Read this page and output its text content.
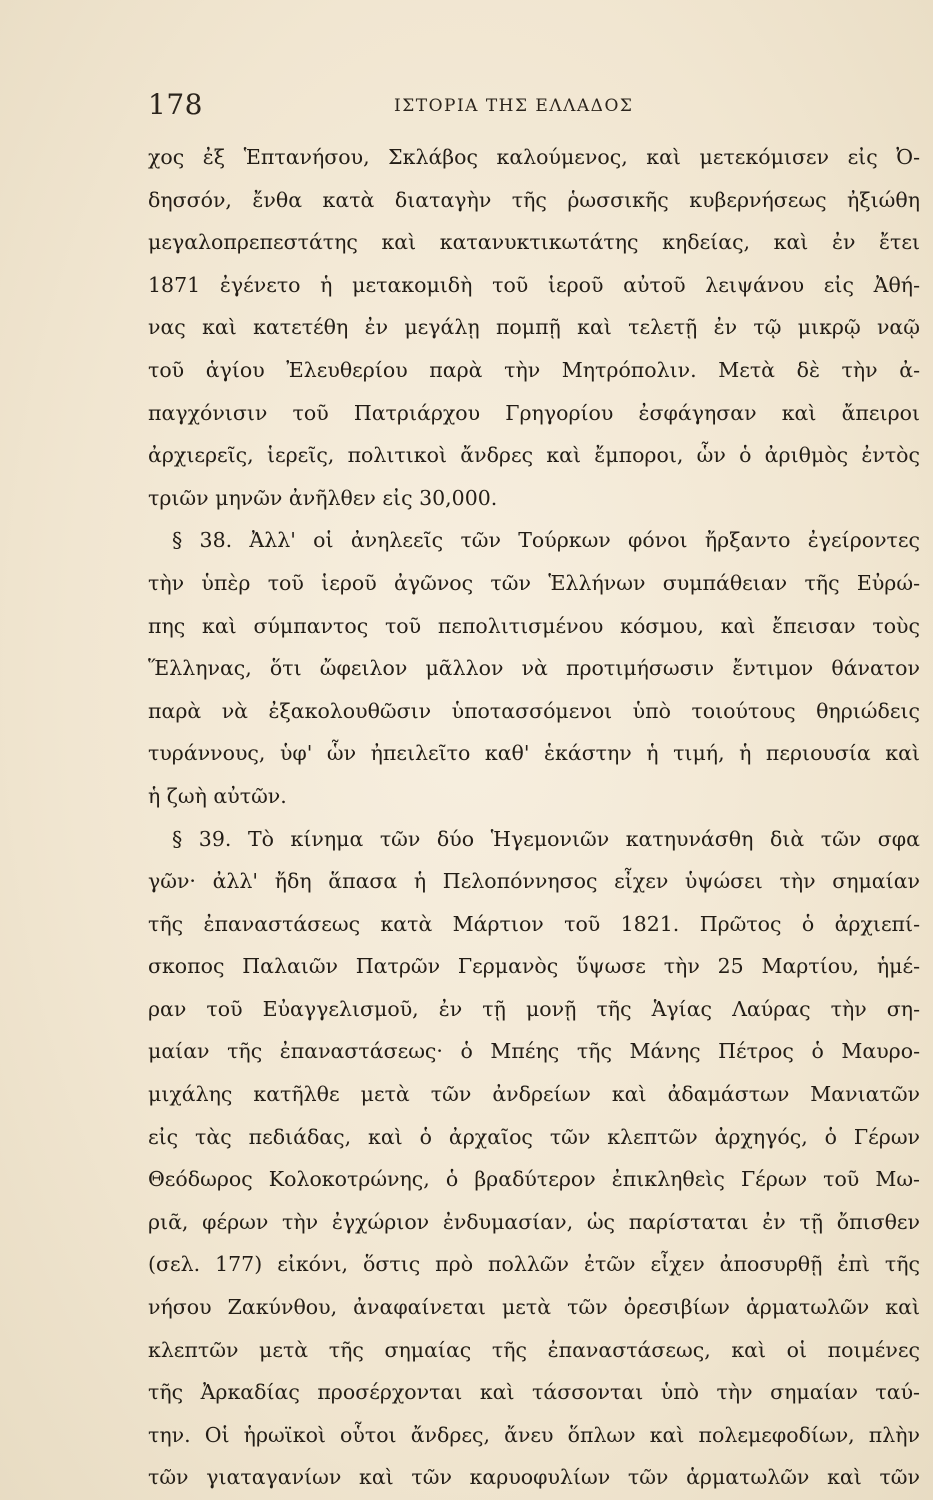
178	ΙΣΤΟΡΙΑ ΤΗΣ ΕΛΛΑΔΟΣ
χος ἐξ Ἑπτανήσου, Σκλάβος καλούμενος, καὶ μετεκόμισεν εἰς Ὀ-
δησσόν, ἔνθα κατὰ διαταγὴν τῆς ῥωσσικῆς κυβερνήσεως ἠξιώθη
μεγαλοπρεπεστάτης καὶ κατανυκτικωτάτης κηδείας, καὶ ἐν ἔτει
1871 ἐγένετο ἡ μετακομιδὴ τοῦ ἱεροῦ αὐτοῦ λειψάνου εἰς Ἀθή-
νας καὶ κατετέθη ἐν μεγάλῃ πομπῇ καὶ τελετῇ ἐν τῷ μικρῷ ναῷ
τοῦ ἁγίου Ἐλευθερίου παρὰ τὴν Μητρόπολιν. Μετὰ δὲ τὴν ἀ-
παγχόνισιν τοῦ Πατριάρχου Γρηγορίου ἐσφάγησαν καὶ ἄπειροι
ἀρχιερεῖς, ἱερεῖς, πολιτικοὶ ἄνδρες καὶ ἔμποροι, ὧν ὁ ἀριθμὸς ἐντὸς
τριῶν μηνῶν ἀνῆλθεν εἰς 30,000.
§ 38. Ἀλλ' οἱ ἀνηλεεῖς τῶν Τούρκων φόνοι ἤρξαντο ἐγείροντες
τὴν ὑπὲρ τοῦ ἱεροῦ ἀγῶνος τῶν Ἑλλήνων συμπάθειαν τῆς Εὐρώ-
πης καὶ σύμπαντος τοῦ πεπολιτισμένου κόσμου, καὶ ἔπεισαν τοὺς
Ἕλληνας, ὅτι ὤφειλον μᾶλλον νὰ προτιμήσωσιν ἔντιμον θάνατον
παρὰ νὰ ἐξακολουθῶσιν ὑποτασσόμενοι ὑπὸ τοιούτους θηριώδεις
τυράννους, ὑφ' ὧν ἠπειλεῖτο καθ' ἑκάστην ἡ τιμή, ἡ περιουσία καὶ
ἡ ζωὴ αὐτῶν.
§ 39. Τὸ κίνημα τῶν δύο Ἡγεμονιῶν κατηυνάσθη διὰ τῶν σφα
γῶν· ἀλλ' ἤδη ἅπασα ἡ Πελοπόννησος εἶχεν ὑψώσει τὴν σημαίαν
τῆς ἐπαναστάσεως κατὰ Μάρτιον τοῦ 1821. Πρῶτος ὁ ἀρχιεπί-
σκοπος Παλαιῶν Πατρῶν Γερμανὸς ὕψωσε τὴν 25 Μαρτίου, ἡμέ-
ραν τοῦ Εὐαγγελισμοῦ, ἐν τῇ μονῇ τῆς Ἁγίας Λαύρας τὴν ση-
μαίαν τῆς ἐπαναστάσεως· ὁ Μπέης τῆς Μάνης Πέτρος ὁ Μαυρο-
μιχάλης κατῆλθε μετὰ τῶν ἀνδρείων καὶ ἀδαμάστων Μανιατῶν
εἰς τὰς πεδιάδας, καὶ ὁ ἀρχαῖος τῶν κλεπτῶν ἀρχηγός, ὁ Γέρων
Θεόδωρος Κολοκοτρώνης, ὁ βραδύτερον ἐπικληθεὶς Γέρων τοῦ Μω-
ριᾶ, φέρων τὴν ἐγχώριον ἐνδυμασίαν, ὡς παρίσταται ἐν τῇ ὄπισθεν
(σελ. 177) εἰκόνι, ὅστις πρὸ πολλῶν ἐτῶν εἶχεν ἀποσυρθῇ ἐπὶ τῆς
νήσου Ζακύνθου, ἀναφαίνεται μετὰ τῶν ὀρεσιβίων ἁρματωλῶν καὶ
κλεπτῶν μετὰ τῆς σημαίας τῆς ἐπαναστάσεως, καὶ οἱ ποιμένες
τῆς Ἀρκαδίας προσέρχονται καὶ τάσσονται ὑπὸ τὴν σημαίαν ταύ-
την. Οἱ ἡρωϊκοὶ οὗτοι ἄνδρες, ἄνευ ὅπλων καὶ πολεμεφοδίων, πλὴν
τῶν γιαταγανίων καὶ τῶν καρυοφυλίων τῶν ἁρματωλῶν καὶ τῶν
